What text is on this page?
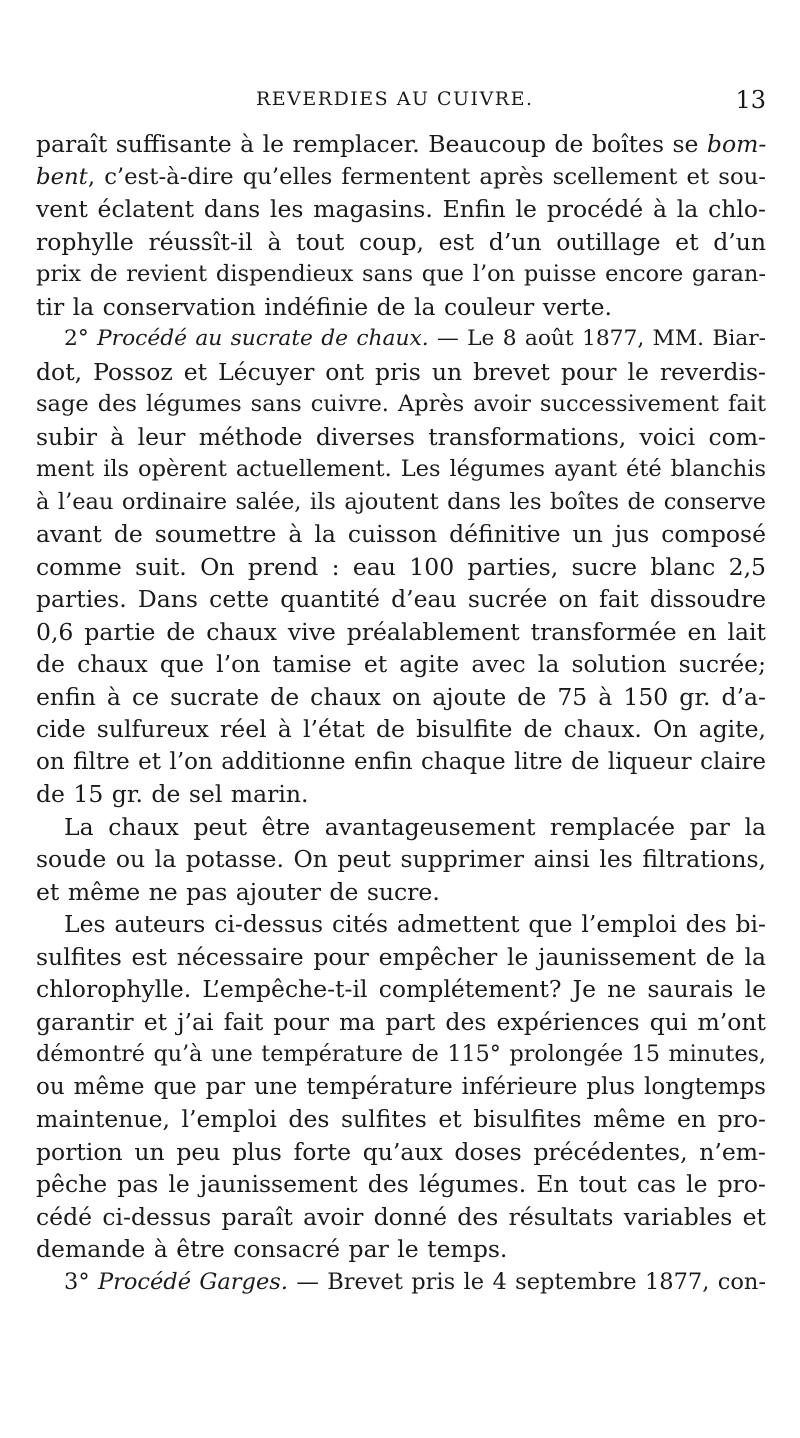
REVERDIES AU CUIVRE.	13
paraît suffisante à le remplacer. Beaucoup de boîtes se bom-
bent, c’est-à-dire qu’elles fermentent après scellement et sou-
vent éclatent dans les magasins. Enfin le procédé à la chlo-
rophylle réussît-il à tout coup, est d’un outillage et d’un
prix de revient dispendieux sans que l’on puisse encore garan-
tir la conservation indéfinie de la couleur verte.
2° Procédé au sucrate de chaux. — Le 8 août 1877, MM. Biar-
dot, Possoz et Lécuyer ont pris un brevet pour le reverdis-
sage des légumes sans cuivre. Après avoir successivement fait
subir à leur méthode diverses transformations, voici com-
ment ils opèrent actuellement. Les légumes ayant été blanchis
à l’eau ordinaire salée, ils ajoutent dans les boîtes de conserve
avant de soumettre à la cuisson définitive un jus composé
comme suit. On prend : eau 100 parties, sucre blanc 2,5
parties. Dans cette quantité d’eau sucrée on fait dissoudre
0,6 partie de chaux vive préalablement transformée en lait
de chaux que l’on tamise et agite avec la solution sucrée;
enfin à ce sucrate de chaux on ajoute de 75 à 150 gr. d’a-
cide sulfureux réel à l’état de bisulfite de chaux. On agite,
on filtre et l’on additionne enfin chaque litre de liqueur claire
de 15 gr. de sel marin.
La chaux peut être avantageusement remplacée par la
soude ou la potasse. On peut supprimer ainsi les filtrations,
et même ne pas ajouter de sucre.
Les auteurs ci-dessus cités admettent que l’emploi des bi-
sulfites est nécessaire pour empêcher le jaunissement de la
chlorophylle. L’empêche-t-il complétement? Je ne saurais le
garantir et j’ai fait pour ma part des expériences qui m’ont
démontré qu’à une température de 115° prolongée 15 minutes,
ou même que par une température inférieure plus longtemps
maintenue, l’emploi des sulfites et bisulfites même en pro-
portion un peu plus forte qu’aux doses précédentes, n’em-
pêche pas le jaunissement des légumes. En tout cas le pro-
cédé ci-dessus paraît avoir donné des résultats variables et
demande à être consacré par le temps.
3° Procédé Garges. — Brevet pris le 4 septembre 1877, con-
